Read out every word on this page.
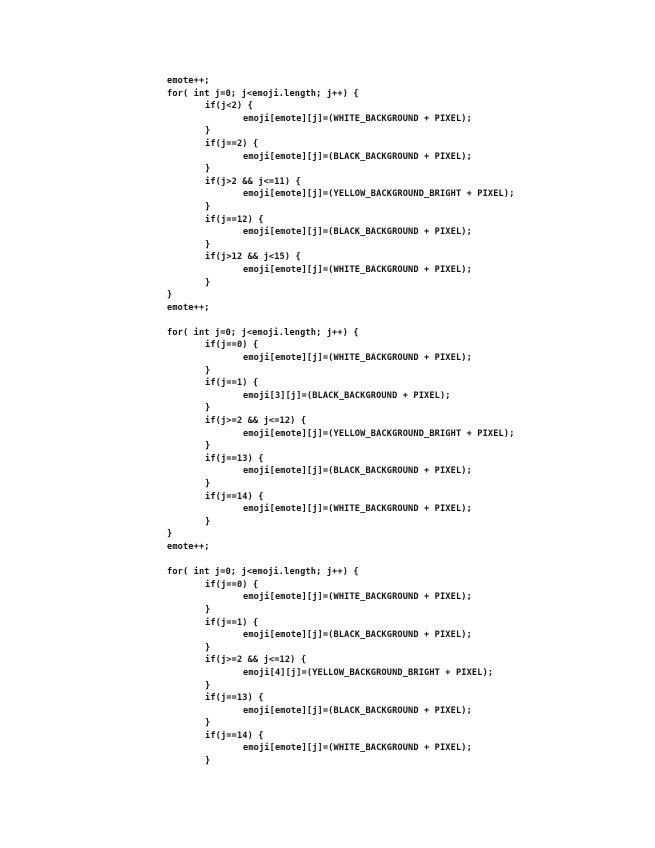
emote++;
for( int j=0; j<emoji.length; j++) {
if(j<2) {
emoji[emote][j]=(WHITE_BACKGROUND + PIXEL);
}
if(j==2) {
emoji[emote][j]=(BLACK_BACKGROUND + PIXEL);
}
if(j>2 && j<=11) {
emoji[emote][j]=(YELLOW_BACKGROUND_BRIGHT + PIXEL);
}
if(j==12) {
emoji[emote][j]=(BLACK_BACKGROUND + PIXEL);
}
if(j>12 && j<15) {
emoji[emote][j]=(WHITE_BACKGROUND + PIXEL);
}
}
emote++;
for( int j=0; j<emoji.length; j++) {
if(j==0) {
emoji[emote][j]=(WHITE_BACKGROUND + PIXEL);
}
if(j==1) {
emoji[3][j]=(BLACK_BACKGROUND + PIXEL);
}
if(j>=2 && j<=12) {
emoji[emote][j]=(YELLOW_BACKGROUND_BRIGHT + PIXEL);
}
if(j==13) {
emoji[emote][j]=(BLACK_BACKGROUND + PIXEL);
}
if(j==14) {
emoji[emote][j]=(WHITE_BACKGROUND + PIXEL);
}
}
emote++;
for( int j=0; j<emoji.length; j++) {
if(j==0) {
emoji[emote][j]=(WHITE_BACKGROUND + PIXEL);
}
if(j==1) {
emoji[emote][j]=(BLACK_BACKGROUND + PIXEL);
}
if(j>=2 && j<=12) {
emoji[4][j]=(YELLOW_BACKGROUND_BRIGHT + PIXEL);
}
if(j==13) {
emoji[emote][j]=(BLACK_BACKGROUND + PIXEL);
}
if(j==14) {
emoji[emote][j]=(WHITE_BACKGROUND + PIXEL);
}
